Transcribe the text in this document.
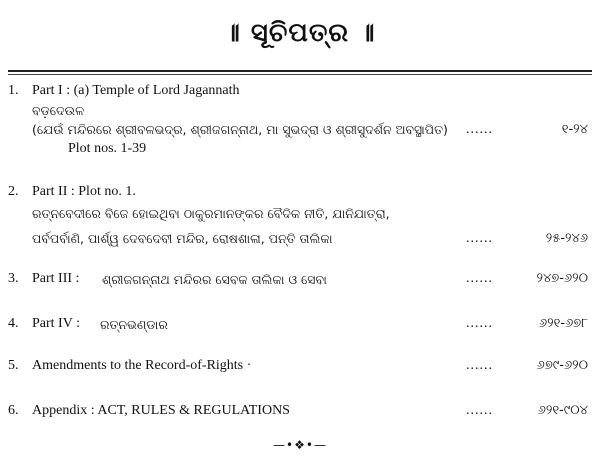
॥ ସୂଚିପତ୍ର ॥
1. Part I : (a) Temple of Lord Jagannath
ବଡ଼ଦେଉଳ
(ଯେଉଁ ମନ୍ଦିରରେ ଶ୍ରୀବଳଭଦ୍ର, ଶ୍ରୀଜଗନ୍ନାଥ, ମା ସୁଭଦ୍ରା ଓ ଶ୍ରୀସୁଦର୍ଶନ ଅବସ୍ଥାପିତ) ......	୧-୨୪
Plot nos. 1-39
2. Part II : Plot no. 1.
ରତ୍ନବେଦୀରେ ବିଜେ ହୋଇଥିବା ଠାକୁରମାନଙ୍କର ବୈଦିକ ନୀତି, ଯାନିଯାତ୍ରା,
ପର୍ବପର୍ବାଣି, ପାର୍ଶ୍ୱ ଦେବଦେବୀ ମନ୍ଦିର, ରୋଷଶାଳା, ପନ୍ତି ତାଲିକା	......	୨୫-୨୪୬
3. Part III : ଶ୍ରୀଜଗନ୍ନାଥ ମନ୍ଦିରର ସେବକ ତାଲିକା ଓ ସେବା	......	୨୪୭-୬୨୦
4. Part IV : ରତ୍ନଭଣ୍ଡାର	......	୬୨୧-୬୭୮
5. Amendments to the Record-of-Rights ·	......	୬୭୯-୬୨୦
6. Appendix : ACT, RULES & REGULATIONS	......	୬୨୧-୯୦୪
—•❖•—
